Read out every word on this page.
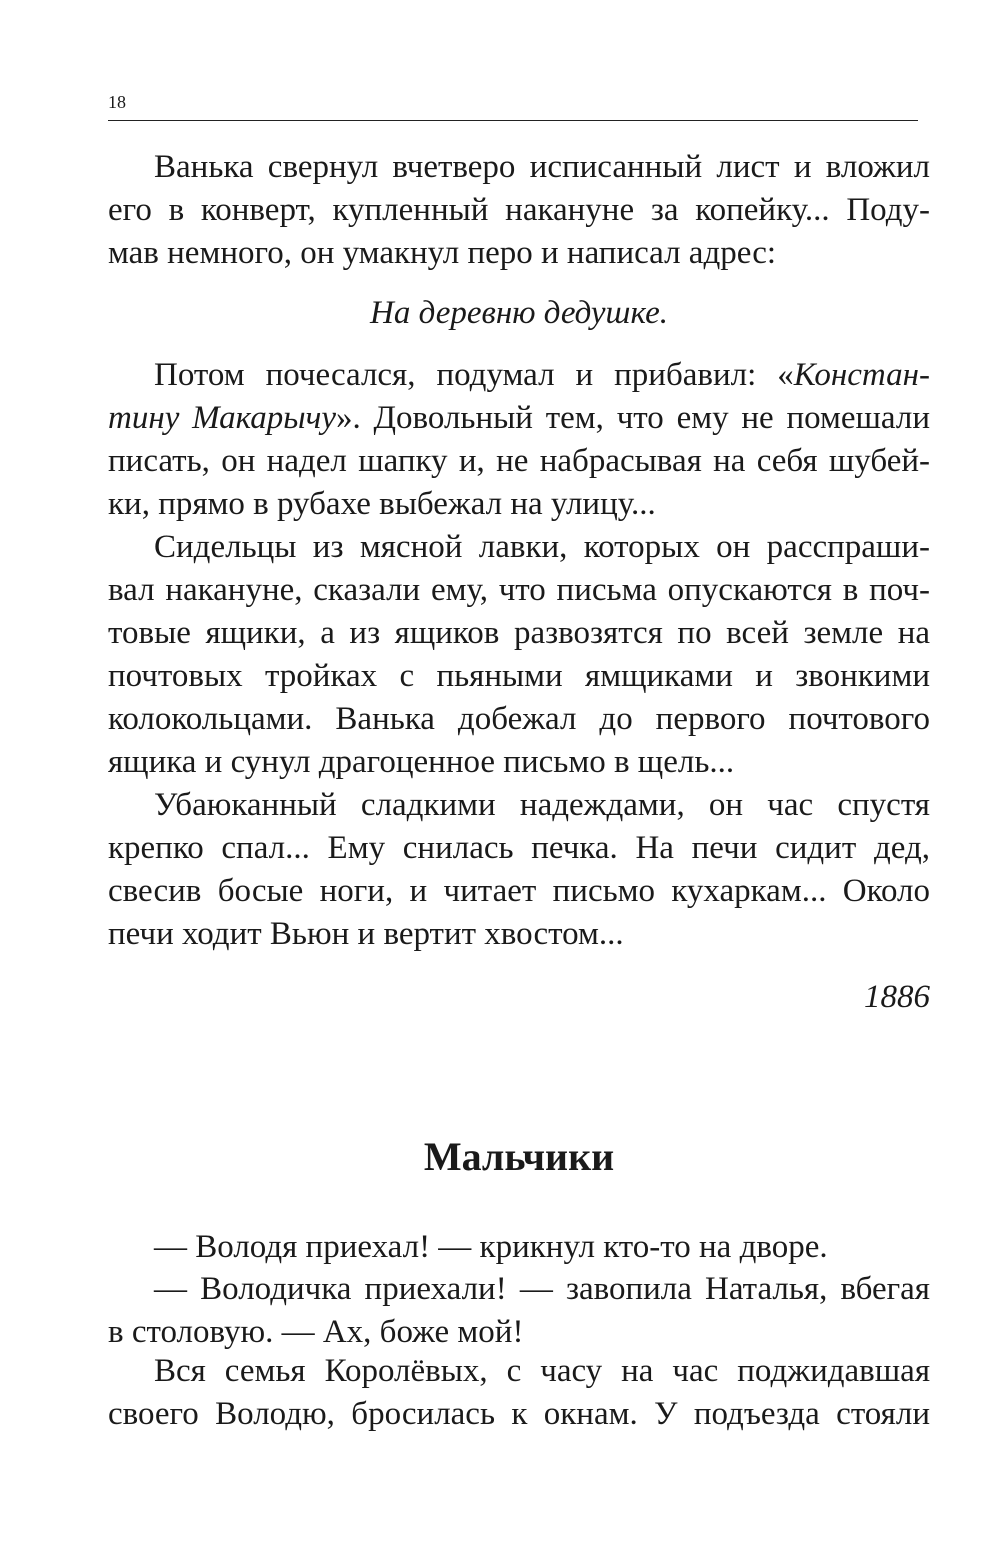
18

Ванька свернул вчетверо исписанный лист и вложил
его в конверт, купленный накануне за копейку... Поду-
мав немного, он умакнул перо и написал адрес:

На деревню дедушке.

Потом почесался, подумал и прибавил: «Констан-
тину Макарычу». Довольный тем, что ему не помешали
писать, он надел шапку и, не набрасывая на себя шубей-
ки, прямо в рубахе выбежал на улицу...

Сидельцы из мясной лавки, которых он расспраши-
вал накануне, сказали ему, что письма опускаются в поч-
товые ящики, а из ящиков развозятся по всей земле на
почтовых тройках с пьяными ямщиками и звонкими
колокольцами. Ванька добежал до первого почтового
ящика и сунул драгоценное письмо в щель...

Убаюканный сладкими надеждами, он час спустя
крепко спал... Ему снилась печка. На печи сидит дед,
свесив босые ноги, и читает письмо кухаркам... Около
печи ходит Вьюн и вертит хвостом...

1886

Мальчики

— Володя приехал! — крикнул кто-то на дворе.

— Володичка приехали! — завопила Наталья, вбегая
в столовую. — Ах, боже мой!

Вся семья Королёвых, с часу на час поджидавшая
своего Володю, бросилась к окнам. У подъезда стояли
